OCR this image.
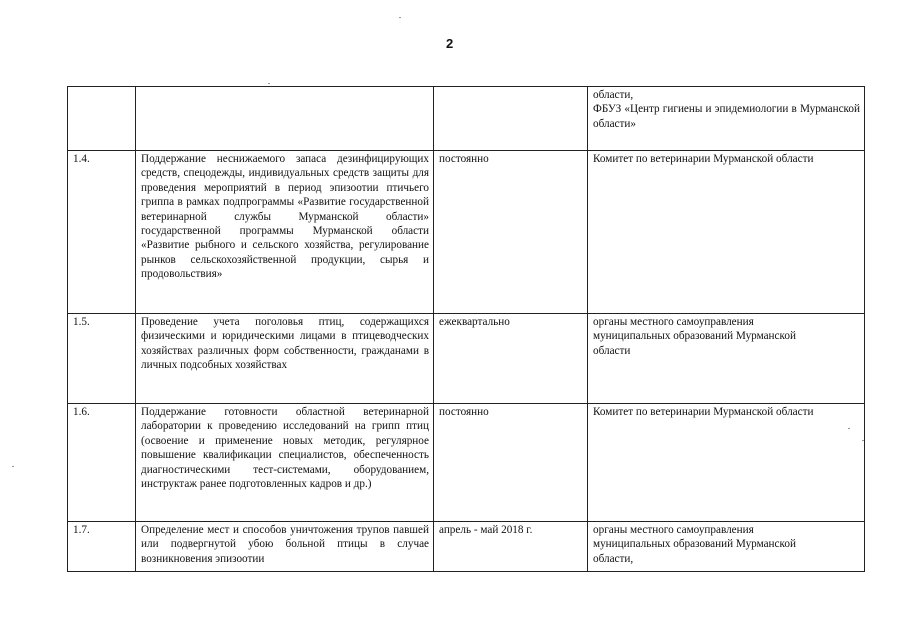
2

			области,
ФБУЗ «Центр гигиены и эпидемиологии в Мурманской области»

1.4.	Поддержание неснижаемого запаса дезинфицирующих средств, спецодежды, индивидуальных средств защиты для проведения мероприятий в период эпизоотии птичьего гриппа в рамках подпрограммы «Развитие государственной ветеринарной службы Мурманской области» государственной программы Мурманской области «Развитие рыбного и сельского хозяйства, регулирование рынков сельскохозяйственной продукции, сырья и продовольствия»	постоянно	Комитет по ветеринарии Мурманской области

1.5.	Проведение учета поголовья птиц, содержащихся физическими и юридическими лицами в птицеводческих хозяйствах различных форм собственности, гражданами в личных подсобных хозяйствах	ежеквартально	органы местного самоуправления
муниципальных образований Мурманской
области

1.6.	Поддержание готовности областной ветеринарной лаборатории к проведению исследований на грипп птиц (освоение и применение новых методик, регулярное повышение квалификации специалистов, обеспеченность диагностическими тест-системами, оборудованием, инструктаж ранее подготовленных кадров и др.)	постоянно	Комитет по ветеринарии Мурманской области

1.7.	Определение мест и способов уничтожения трупов павшей или подвергнутой убою больной птицы в случае возникновения эпизоотии	апрель - май 2018 г.	органы местного самоуправления
муниципальных образований Мурманской
области,
